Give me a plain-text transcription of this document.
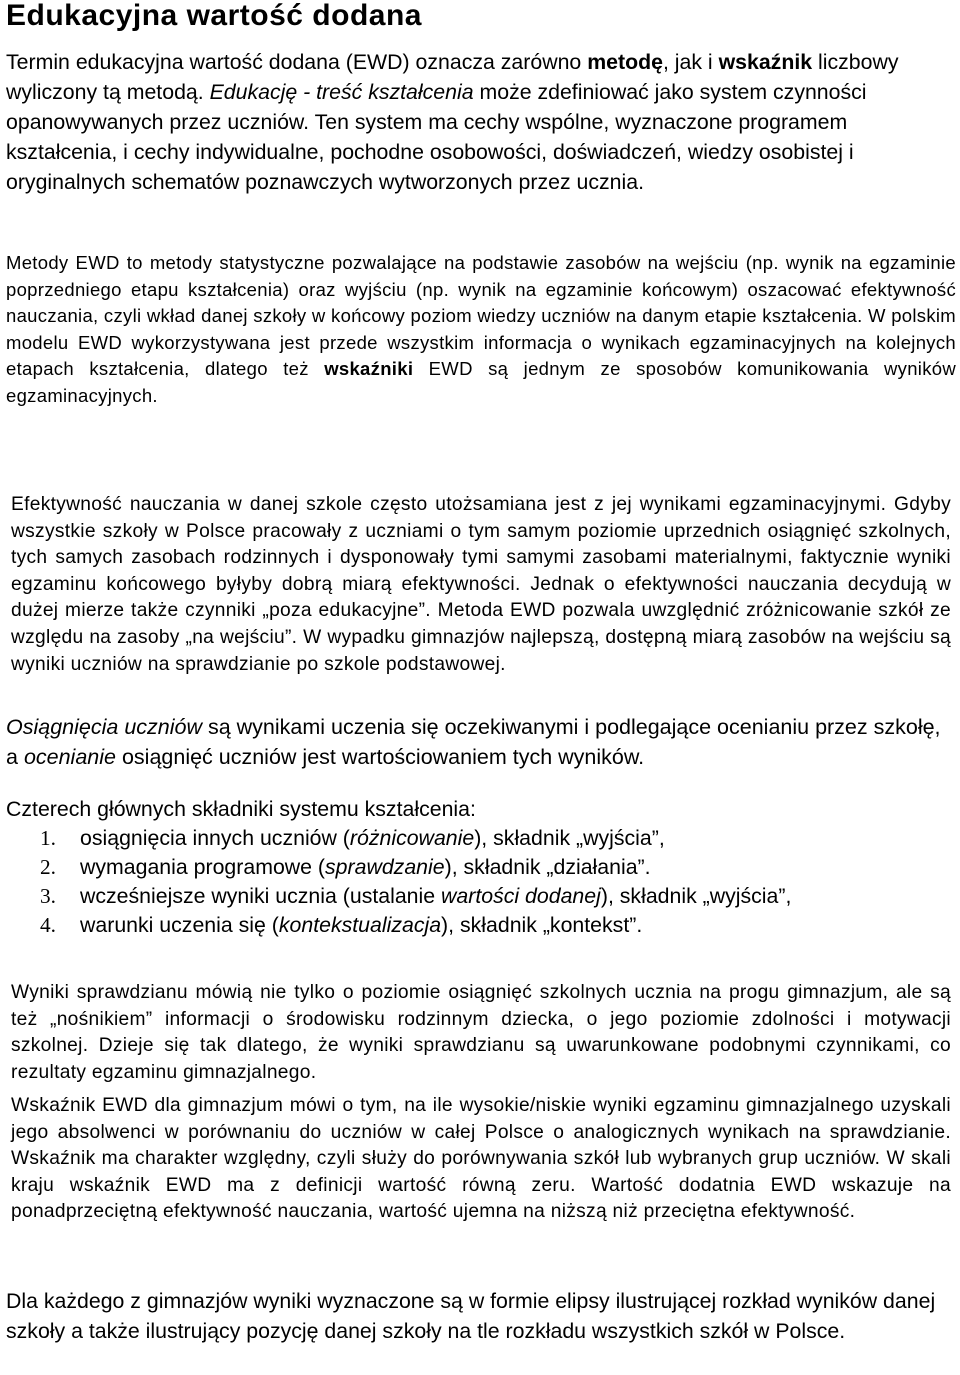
Edukacyjna wartość dodana

Termin edukacyjna wartość dodana (EWD) oznacza zarówno metodę, jak i wskaźnik liczbowy wyliczony tą metodą. Edukację - treść kształcenia może zdefiniować jako system czynności opanowywanych przez uczniów. Ten system ma cechy wspólne, wyznaczone programem kształcenia, i cechy indywidualne, pochodne osobowości, doświadczeń, wiedzy osobistej i oryginalnych schematów poznawczych wytworzonych przez ucznia.

Metody EWD to metody statystyczne pozwalające na podstawie zasobów na wejściu (np. wynik na egzaminie poprzedniego etapu kształcenia) oraz wyjściu (np. wynik na egzaminie końcowym) oszacować efektywność nauczania, czyli wkład danej szkoły w końcowy poziom wiedzy uczniów na danym etapie kształcenia. W polskim modelu EWD wykorzystywana jest przede wszystkim informacja o wynikach egzaminacyjnych na kolejnych etapach kształcenia, dlatego też wskaźniki EWD są jednym ze sposobów komunikowania wyników egzaminacyjnych.

Efektywność nauczania w danej szkole często utożsamiana jest z jej wynikami egzaminacyjnymi. Gdyby wszystkie szkoły w Polsce pracowały z uczniami o tym samym poziomie uprzednich osiągnięć szkolnych, tych samych zasobach rodzinnych i dysponowały tymi samymi zasobami materialnymi, faktycznie wyniki egzaminu końcowego byłyby dobrą miarą efektywności. Jednak o efektywności nauczania decydują w dużej mierze także czynniki „poza edukacyjne”. Metoda EWD pozwala uwzględnić zróżnicowanie szkół ze względu na zasoby „na wejściu”. W wypadku gimnazjów najlepszą, dostępną miarą zasobów na wejściu są wyniki uczniów na sprawdzianie po szkole podstawowej.

Osiągnięcia uczniów są wynikami uczenia się oczekiwanymi i podlegające ocenianiu przez szkołę, a ocenianie osiągnięć uczniów jest wartościowaniem tych wyników.

Czterech głównych składniki systemu kształcenia:

1.	osiągnięcia innych uczniów (różnicowanie), składnik „wyjścia”,
2.	wymagania programowe (sprawdzanie), składnik „działania”.
3.	wcześniejsze wyniki ucznia (ustalanie wartości dodanej), składnik „wyjścia”,
4.	warunki uczenia się (kontekstualizacja), składnik „kontekst”.

Wyniki sprawdzianu mówią nie tylko o poziomie osiągnięć szkolnych ucznia na progu gimnazjum, ale są też „nośnikiem” informacji o środowisku rodzinnym dziecka, o jego poziomie zdolności i motywacji szkolnej. Dzieje się tak dlatego, że wyniki sprawdzianu są uwarunkowane podobnymi czynnikami, co rezultaty egzaminu gimnazjalnego.

Wskaźnik EWD dla gimnazjum mówi o tym, na ile wysokie/niskie wyniki egzaminu gimnazjalnego uzyskali jego absolwenci w porównaniu do uczniów w całej Polsce o analogicznych wynikach na sprawdzianie. Wskaźnik ma charakter względny, czyli służy do porównywania szkół lub wybranych grup uczniów. W skali kraju wskaźnik EWD ma z definicji wartość równą zeru. Wartość dodatnia EWD wskazuje na ponadprzeciętną efektywność nauczania, wartość ujemna na niższą niż przeciętna efektywność.

Dla każdego z gimnazjów wyniki wyznaczone są w formie elipsy ilustrującej rozkład wyników danej szkoły a także ilustrujący pozycję danej szkoły na tle rozkładu wszystkich szkół w Polsce.
